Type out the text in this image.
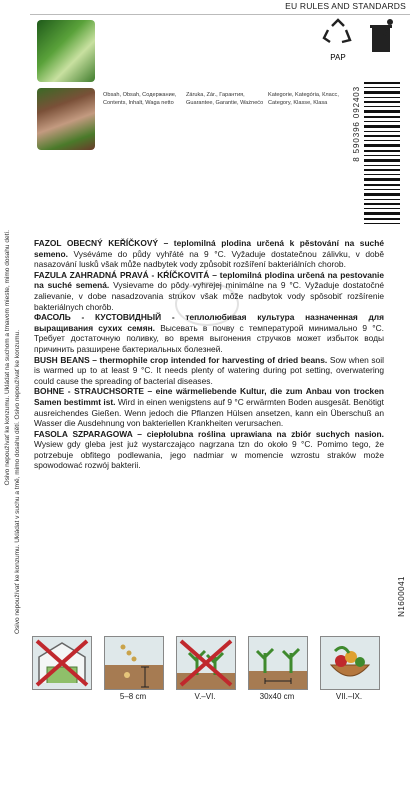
EU RULES AND STANDARDS
PAP
Osivo nepoužívať ke konzumu. Ukládat na suchom a tmavom mieste, mimo dosahu detí. Osivo nepoužívať ke konzumu. Ukládat v suchu a tmě, mimo dosahu dětí. Osivo nepoužívať ke konzumu.
Obsah, Obsah, Содержание,
Contents, Inhalt, Waga netto
Záruka, Zár., Гарантия,
Guarantee, Garantie, Ważnećo
Kategorie, Kategória, Класс,
Category, Klasse, Klasa	8 590396 092403
N1600041

FAZOL OBECNÝ KEŘÍČKOVÝ – teplomilná plodina určená k pěstování na suché semeno. Vyséváme do půdy vyhřáté na 9 °C. Vyžaduje dostatečnou zálivku, v době nasazování lusků však může nadbytek vody způsobit rozšíření bakteriálních chorob.

FAZULA ZAHRADNÁ PRAVÁ - KŔÍČKOVITÁ – teplomilná plodina určená na pestovanie na suché semená. Vysievame do pôdy vyhrejej minimálne na 9 °C. Vyžaduje dostatočné zalievanie, v dobe nasadzovania strukov však môže nadbytok vody spôsobiť rozšírenie bakteriálnych chorôb.

ФАСОЛЬ - КУСТОВИДНЫЙ - теплолюбивая культура назначенная для выращивания сухих семян. Высевать в почву с температурой минимально 9 °C. Требует достаточную поливку, во время выгонения стручков может избыток воды причинить разширене бактериальных болезней.

BUSH BEANS – thermophile crop intended for harvesting of dried beans. Sow when soil is warmed up to at least 9 °C. It needs plenty of watering during pot setting, overwatering could cause the spreading of bacterial diseases.

BOHNE - STRAUCHSORTE – eine wärmeliebende Kultur, die zum Anbau von trocken Samen bestimmt ist. Wird in einen wenigstens auf 9 °C erwärmten Boden ausgesät. Benötigt ausreichendes Gießen. Wenn jedoch die Pflanzen Hülsen ansetzen, kann ein Überschuß an Wasser die Ausdehnung von bakteriellen Krankheiten verursachen.

FASOLA SZPARAGOWA – ciepłolubna roślina uprawiana na zbiór suchych nasion. Wysiew gdy gleba jest już wystarczająco nagrzana tzn do około 9 °C. Pomimo tego, że potrzebuje obfitego podlewania, jego nadmiar w momencie wzrostu straków może spowodować rozwój bakterii.

5–8 cm	V.–VI.	30x40 cm	VII.–IX.
